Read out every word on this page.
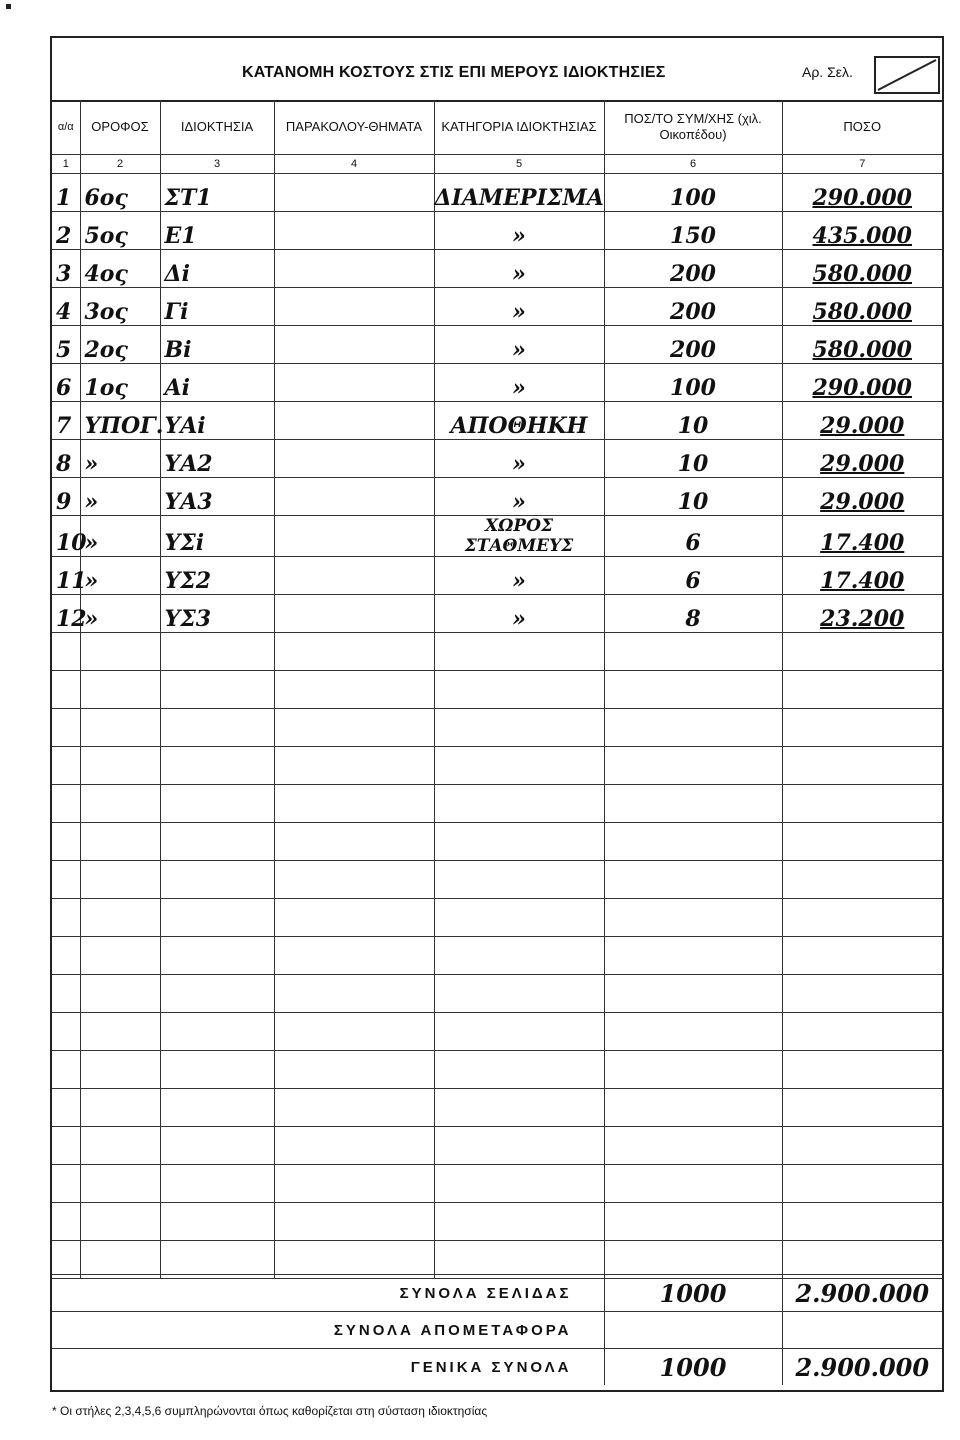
ΚΑΤΑΝΟΜΗ ΚΟΣΤΟΥΣ ΣΤΙΣ ΕΠΙ ΜΕΡΟΥΣ ΙΔΙΟΚΤΗΣΙΕΣ	Αρ. Σελ.
α/α	ΟΡΟΦΟΣ	ΙΔΙΟΚΤΗΣΙΑ	ΠΑΡΑΚΟΛΟΥ-ΘΗΜΑΤΑ	ΚΑΤΗΓΟΡΙΑ ΙΔΙΟΚΤΗΣΙΑΣ	ΠΟΣ/ΤΟ ΣΥΜ/ΧΗΣ (χιλ. Οικοπέδου)	ΠΟΣΟ
1	2	3	4	5	6	7

1	6ος	ΣΤ1		ΔΙΑΜΕΡΙΣΜΑ	100	290.000

2	5ος	Ε1		»	150	435.000

3	4ος	Δi		»	200	580.000

4	3ος	Γi		»	200	580.000

5	2ος	Βi		»	200	580.000

6	1ος	Αi		»	100	290.000

7	ΥΠΟΓ.	ΥΑi		ΑΠΟΘΗΚΗ	10	29.000

8	»	ΥΑ2		»	10	29.000

9	»	ΥΑ3		»	10	29.000

10	»	ΥΣi		ΧΩΡΟΣ ΣΤΑΘΜΕΥΣ	6	17.400

11	»	ΥΣ2		»	6	17.400

12	»	ΥΣ3		»	8	23.200

ΣΥΝΟΛΑ ΣΕΛΙΔΑΣ	1000	2.900.000
ΣΥΝΟΛΑ ΑΠΟΜΕΤΑΦΟΡΑ		
ΓΕΝΙΚΑ ΣΥΝΟΛΑ	1000	2.900.000
* Οι στήλες 2,3,4,5,6 συμπληρώνονται όπως καθορίζεται στη σύσταση ιδιοκτησίας
